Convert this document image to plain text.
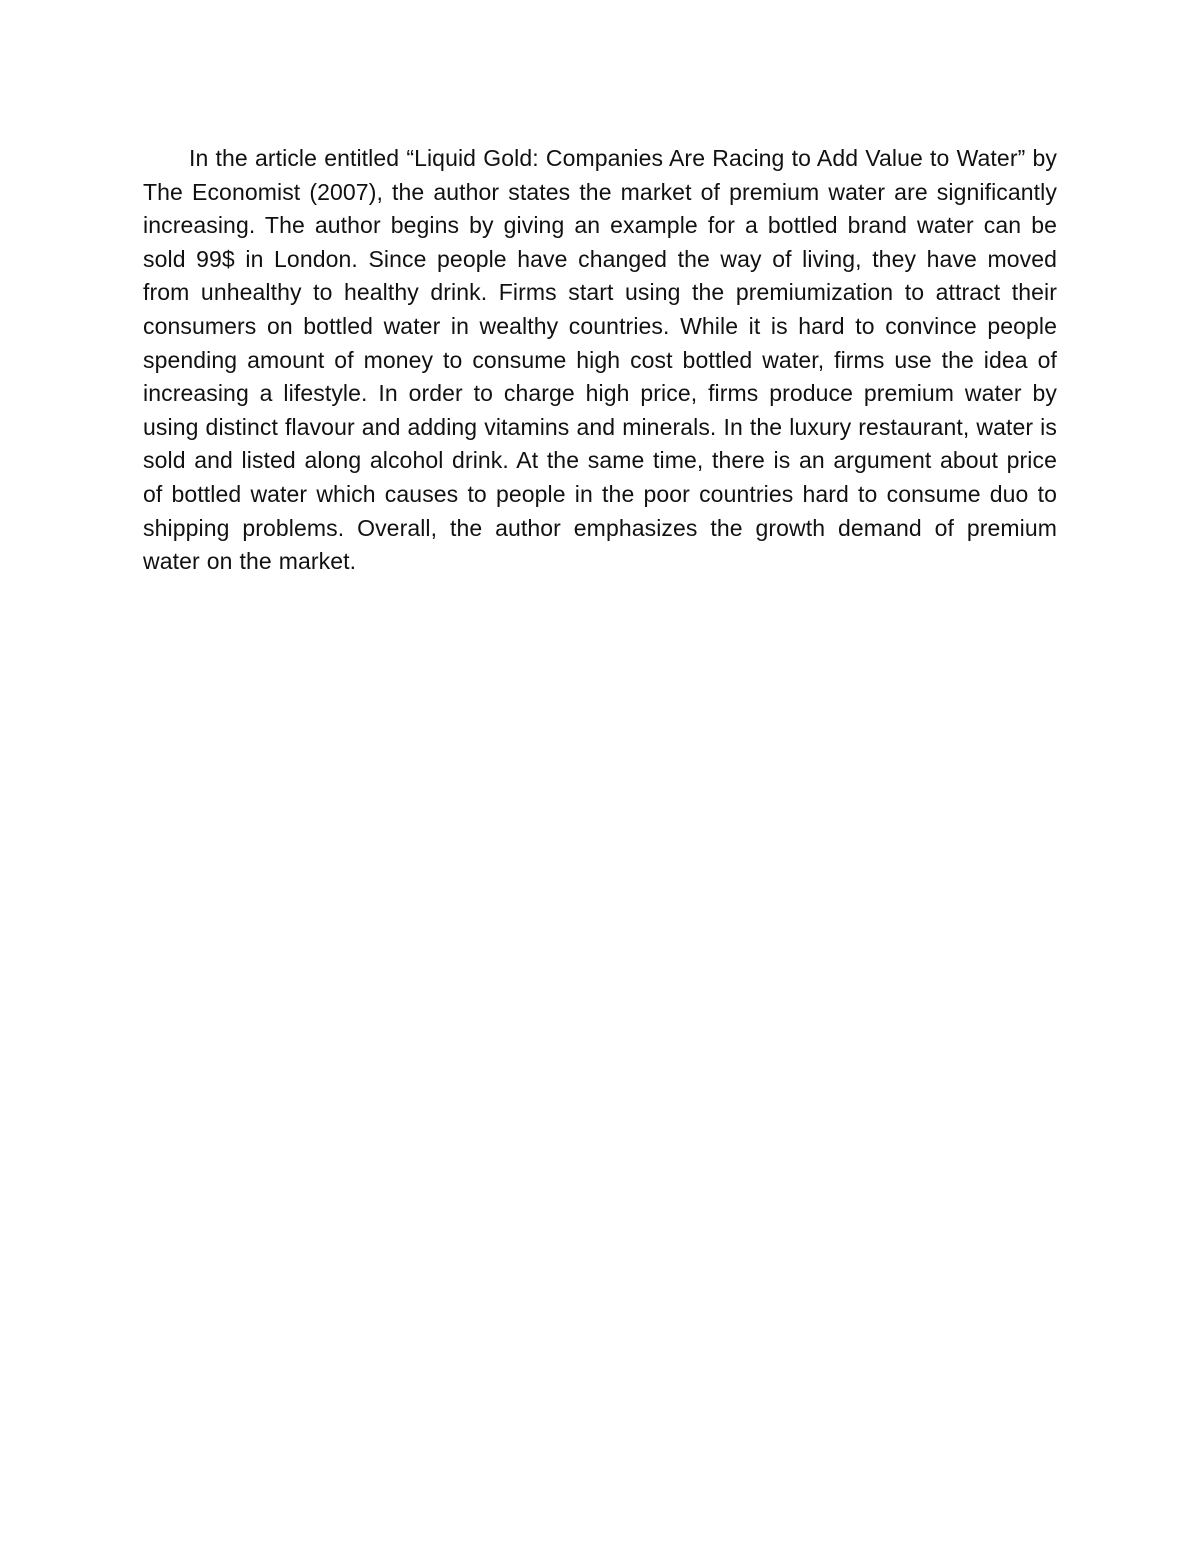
In the article entitled “Liquid Gold: Companies Are Racing to Add Value to Water” by The Economist (2007), the author states the market of premium water are significantly increasing. The author begins by giving an example for a bottled brand water can be sold 99$ in London. Since people have changed the way of living, they have moved from unhealthy to healthy drink. Firms start using the premiumization to attract their consumers on bottled water in wealthy countries. While it is hard to convince people spending amount of money to consume high cost bottled water, firms use the idea of increasing a lifestyle. In order to charge high price, firms produce premium water by using distinct flavour and adding vitamins and minerals. In the luxury restaurant, water is sold and listed along alcohol drink. At the same time, there is an argument about price of bottled water which causes to people in the poor countries hard to consume duo to shipping problems. Overall, the author emphasizes the growth demand of premium water on the market.
